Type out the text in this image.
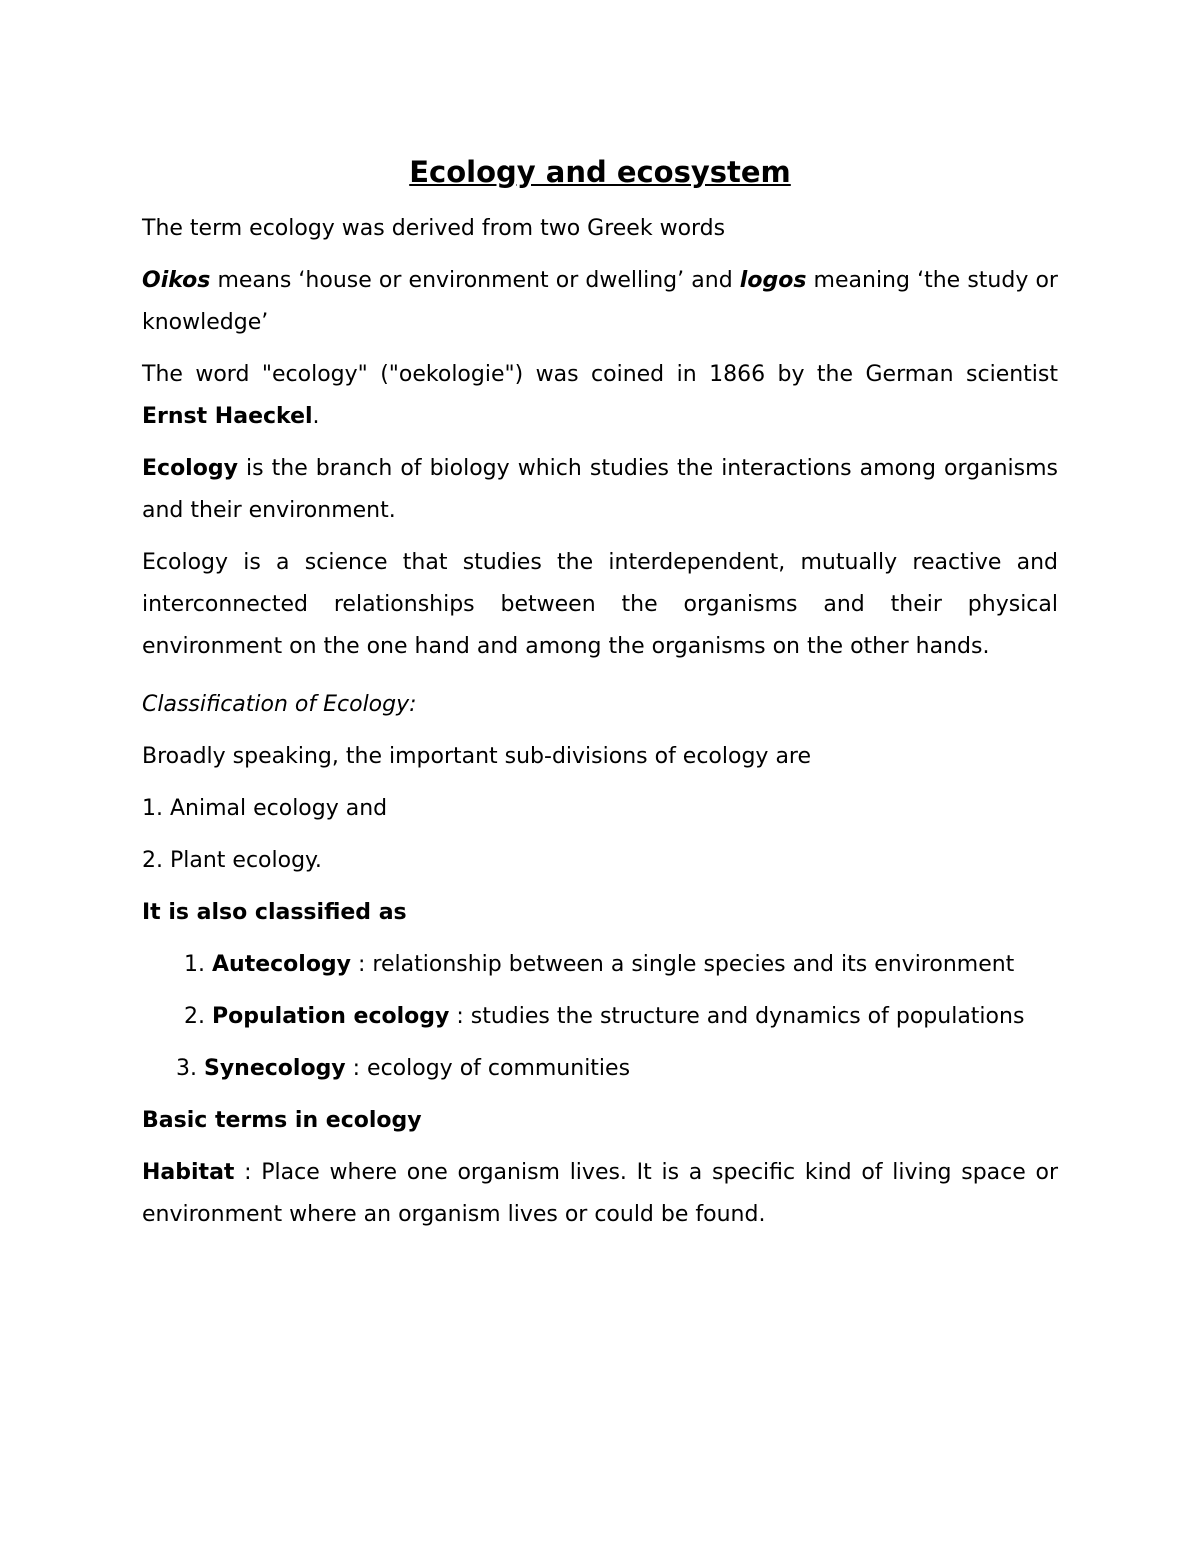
Ecology and ecosystem

The term ecology was derived from two Greek words

Oikos means ‘house or environment or dwelling’ and logos meaning ‘the study or knowledge’

The word "ecology" ("oekologie") was coined in 1866 by the German scientist Ernst Haeckel.

Ecology is the branch of biology which studies the interactions among organisms and their environment.

Ecology is a science that studies the interdependent, mutually reactive and interconnected relationships between the organisms and their physical environment on the one hand and among the organisms on the other hands.

Classification of Ecology:

Broadly speaking, the important sub-divisions of ecology are

1. Animal ecology and

2. Plant ecology.

It is also classified as

1. Autecology : relationship between a single species and its environment
2. Population ecology : studies the structure and dynamics of populations

3. Synecology : ecology of communities

Basic terms in ecology

Habitat : Place where one organism lives. It is a specific kind of living space or environment where an organism lives or could be found.
